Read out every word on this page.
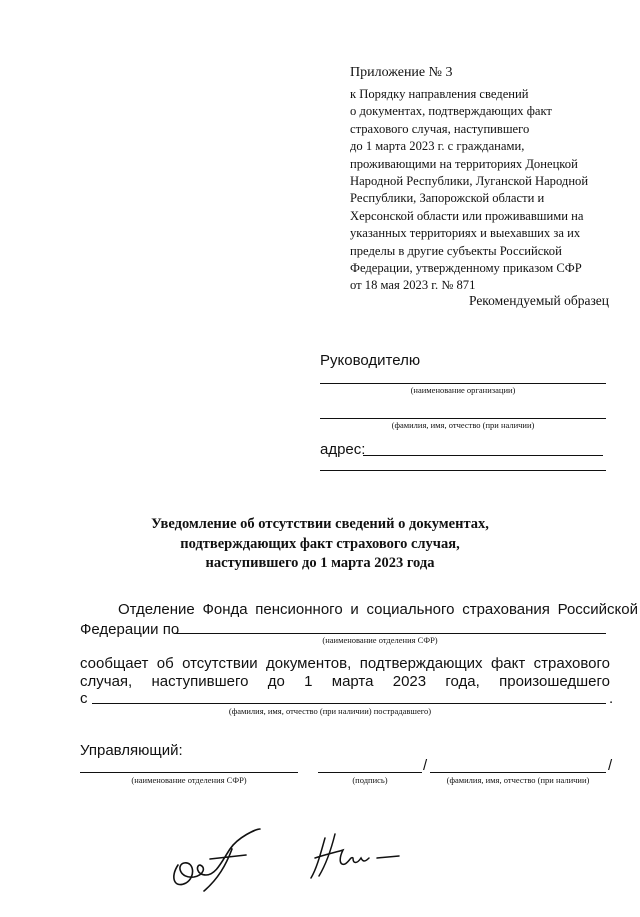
Приложение № 3
к Порядку направления сведений
о документах, подтверждающих факт
страхового случая, наступившего
до 1 марта 2023 г. с гражданами,
проживающими на территориях Донецкой
Народной Республики, Луганской Народной
Республики, Запорожской области и
Херсонской области или проживавшими на
указанных территориях и выехавших за их
пределы в другие субъекты Российской
Федерации, утвержденному приказом СФР
от 18 мая 2023 г. № 871
Рекомендуемый образец
Руководителю
(наименование организации)
(фамилия, имя, отчество (при наличии)
адрес:
Уведомление об отсутствии сведений о документах,
подтверждающих факт страхового случая,
наступившего до 1 марта 2023 года
Отделение Фонда пенсионного и социального страхования Российской
Федерации по
(наименование отделения СФР)
сообщает об отсутствии документов, подтверждающих факт страхового
случая, наступившего до 1 марта 2023 года, произошедшего
с	.
(фамилия, имя, отчество (при наличии) пострадавшего)
Управляющий:
(наименование отделения СФР)
/
(подпись)
/
(фамилия, имя, отчество (при наличии)
